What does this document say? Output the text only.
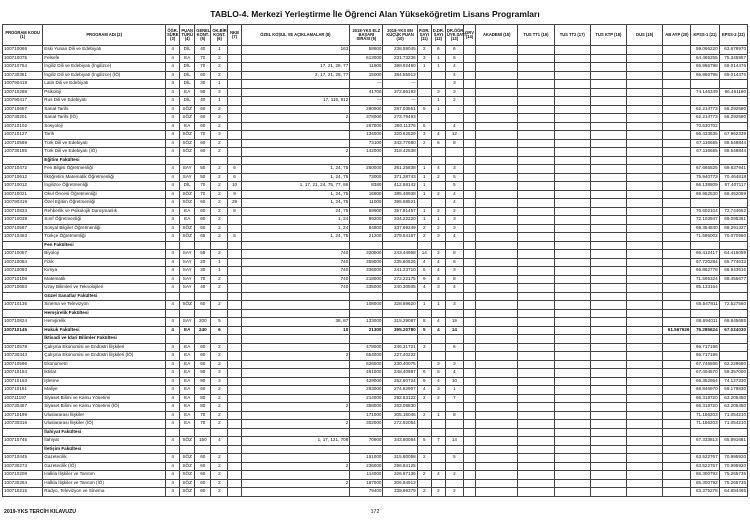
TABLO-4. Merkezi Yerleştirme İle Öğrenci Alan Yükseköğretim Lisans Programları
PROGRAM KODU (1)	PROGRAM ADI (2)	ÖĞR. SÜRE (3)	PUAN TÜRÜ (4)	GENEL KONT. (5)	OK.BİR. KONT. (6)	NKB (7)	ÖZEL KOŞUL VE AÇIKLAMALAR (8)	2018-YKS ELZ BAŞARI SIRASI (9)	2018-YKS EN KÜÇÜK PUAN (10)	P.DR. SAYI (11)	D.DR. SAYI (12)	DR.ÖĞR. ÜYE.SAYI (13)	GRV (14)	AKADEMİ (15)	TUS TT1 (16)	TUS TT2 (17)	TUS KTP (18)	DUS (19)	AB AYP (20)	KPSS-1 (21)	KPSS-2 (22)
100710066	Eski Yunan Dili ve Edebiyatı	4	DİL	40	1		163	58600	238.59045	2	6	6								59.066220	63.678970
100710075	Felsefe	4	EA	70	2			613000	231.73236	3	1	6								64.465255	75.345967
100710754	İngiliz Dili ve Edebiyatı (İngilizce)	4	DİL	70	2		17, 21, 28, 77	11900	398.92460	1	1	4								65.986798	69.014476
100730361	İngiliz Dili ve Edebiyatı (İngilizce) (İÖ)	4	DİL	60	2		2, 17, 21, 28, 77	15000	384.55913			4								65.986798	69.014476
100790419	Latin Dili ve Edebiyatı	4	DİL	30	1			---	---			3									
100710288	Psikoloji	4	EA	90	3			41700	372.66193		3	3								74.146349	66.461180
100790417	Rus Dili ve Edebiyatı	4	DİL	40	1		17, 115, 912	---	---		1	2									
100710657	Sanat Tarihi	4	SÖZ	60	2			290000	287.03551	5	1									62.214773	58.292580
100730201	Sanat Tarihi (İÖ)	4	SÖZ	60	2		2	378000	273.79493											62.214773	58.292580
100710102	Sosyoloji	4	EA	60	2			267000	280.11376	5		4								70.530702	
100710127	Tarih	4	SÖZ	70	3			134000	320.62529	3	4	12								66.433535	67.962339
100710569	Türk Dili ve Edebiyatı	4	SÖZ	60	2			73100	342.77680	2	6	8								67.116685	68.549844
100730185	Türk Dili ve Edebiyatı (İÖ)	4	SÖZ	60	2		2	142000	318.42538											67.116685	68.549844
	Eğitim Fakültesi																				
100710472	Fen Bilgisi Öğretmenliği	4	SAY	50	2	6	1, 24, 75	250000	261.25838	1	4	3								67.665525	69.837941
100710612	İlköğretim Matematik Öğretmenliği	4	SAY	50	2	6	1, 24, 75	73000	371.28743	1	2	5								75.940773	70.464818
100710012	İngilizce Öğretmenliği	4	DİL	70	2	10	1, 17, 21, 24, 75, 77, 86	8380	412.68142	1		5								66.138809	67.407117
100710021	Okul Öncesi Öğretmenliği	4	SÖZ	70	2	9	1, 24, 75	16800	385.48938	1	2	4								69.952530	69.452069
100790319	Özel Eğitim Öğretmenliği	4	SÖZ	60	2	29	1, 24, 75	11000	395.68521			4									
100710833	Rehberlik ve Psikolojik Danışmanlık	4	EA	60	2	8	24, 75	59900	357.81457	1	2	2								76.602104	72.744652
100710039	Sınıf Öğretmenliği	4	EA	60	2		1, 24	99200	334.22220	1	1	3								72.103947	69.095361
100710567	Sosyal Bilgiler Öğretmenliği	4	SÖZ	60	2		1, 24	84800	337.69249	2	2	3								69.354840	68.291327
100710463	Türkçe Öğretmenliği	4	SÖZ	65	2	5	1, 24, 75	21200	379.54167	2	3	4								71.595002	70.070960
	Fen Fakültesi																				
100710057	Biyoloji	4	SAY	55	2		740	320000	243.44958	14	2	8								65.412417	64.415059
100710084	Fizik	4	SAY	20	1		740	359000	235.60526	4	4	6								67.720284	65.774633
100710093	Kimya	4	SAY	30	1		740	336000	241.23710	5	4	3								66.862778	66.943616
100710108	Matematik	4	SAY	70	2		740	218000	272.22175	9	4	8								71.595324	68.455677
100710693	Uzay Bilimleri ve Teknolojileri	4	SAY	40	2		740	335000	240.30505	4	3	4								65.133154	
	Güzel Sanatlar Fakültesi																				
100710136	Sinema ve Televizyon	4	SÖZ	60	2			108000	328.89620	1	1	3								65.547811	72.527560
	Hemşirelik Fakültesi																				
100710824	Hemşirelik	4	SAY	200	5		38, 87	133000	315.29087	8	4	19								68.694011	69.845685
100710145	Hukuk Fakültesi	4	EA	240	6		10	21300	395.20780	5	4	14							61.567626	76.285624	67.024030
	İktisadi ve İdari Bilimler Fakültesi																				
100710578	Çalışma Ekonomisi ve Endüstri İlişkileri	4	EA	60	2			478000	246.31721	3		6								65.717196	
100730343	Çalışma Ekonomisi ve Endüstri İlişkileri (İÖ)	4	EA	60	2		2	654000	227.40222											65.717196	
100710596	Ekonometri	4	EA	60	2			626000	230.40075		3	3								67.746566	62.229680
100710154	İktisat	4	EA	90	3			461000	248.40987	6	6	4								67.404570	59.357000
100710163	İşletme	4	EA	90	3			429000	252.60724	9	4	10								66.352954	74.127330
100710181	Maliye	4	EA	60	2			293000	274.82907	4	3	1								68.846970	59.179830
100711197	Siyaset Bilimi ve Kamu Yönetimi	4	EA	80	2			214000	292.63122	2	2	7								66.319720	63.205450
100730467	Siyaset Bilimi ve Kamu Yönetimi (İÖ)	4	EA	80	2		2	358000	263.08830											66.319720	63.205450
100710199	Uluslararası İlişkiler	4	EA	70	2			171000	305.16046	2	1	8								71.156203	71.054210
100730316	Uluslararası İlişkiler (İÖ)	4	EA	70	2		2	302000	272.92054											71.156203	71.054210
	İlahiyat Fakültesi																				
100710745	İlahiyat	4	SÖZ	150	4		1, 17, 121, 708	70900	343.80054	5	7	14								67.333813	65.891681
	İletişim Fakültesi																				
100710445	Gazetecilik	4	SÖZ	60	2			151000	315.80058	2		5								63.522767	70.995920
100730273	Gazetecilik (İÖ)	4	SÖZ	60	2		2	236000	296.84125											63.522767	70.995920
100710208	Halkla İlişkiler ve Tanıtım	4	SÖZ	60	2			114000	326.87136	2	4	2								65.300792	75.265735
100730264	Halkla İlişkiler ve Tanıtım (İÖ)	4	SÖZ	60	2		2	187000	306.94913											65.300792	75.265735
100710215	Radyo, Televizyon ve Sinema	4	SÖZ	60	2			79400	339.99379	2	2	2								63.375278	64.894465
2019-YKS TERCİH KILAVUZU	172
